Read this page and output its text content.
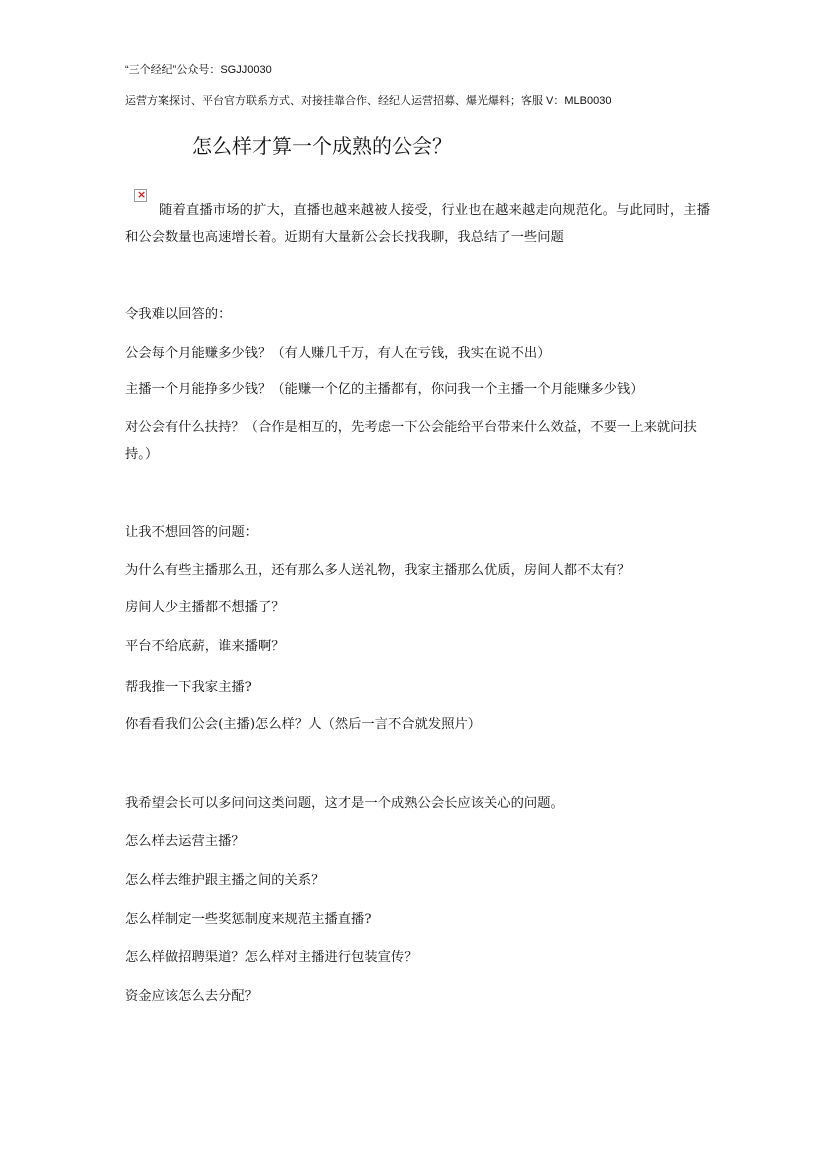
“三个经纪”公众号：SGJJ0030
运营方案探讨、平台官方联系方式、对接挂靠合作、经纪人运营招募、爆光爆料；客服 V：MLB0030
怎么样才算一个成熟的公会？
×
随着直播市场的扩大，直播也越来越被人接受，行业也在越来越走向规范化。与此同时，主播和公会数量也高速增长着。近期有大量新公会长找我聊，我总结了一些问题
令我难以回答的：
公会每个月能赚多少钱？（有人赚几千万，有人在亏钱，我实在说不出）
主播一个月能挣多少钱？（能赚一个亿的主播都有，你问我一个主播一个月能赚多少钱）
对公会有什么扶持？（合作是相互的，先考虑一下公会能给平台带来什么效益，不要一上来就问扶持。）
让我不想回答的问题：
为什么有些主播那么丑，还有那么多人送礼物，我家主播那么优质，房间人都不太有？
房间人少主播都不想播了？
平台不给底薪，谁来播啊？
帮我推一下我家主播?
你看看我们公会(主播)怎么样？人（然后一言不合就发照片）
我希望会长可以多问问这类问题，这才是一个成熟公会长应该关心的问题。
怎么样去运营主播？
怎么样去维护跟主播之间的关系？
怎么样制定一些奖惩制度来规范主播直播?
怎么样做招聘渠道？怎么样对主播进行包装宣传？
资金应该怎么去分配？
